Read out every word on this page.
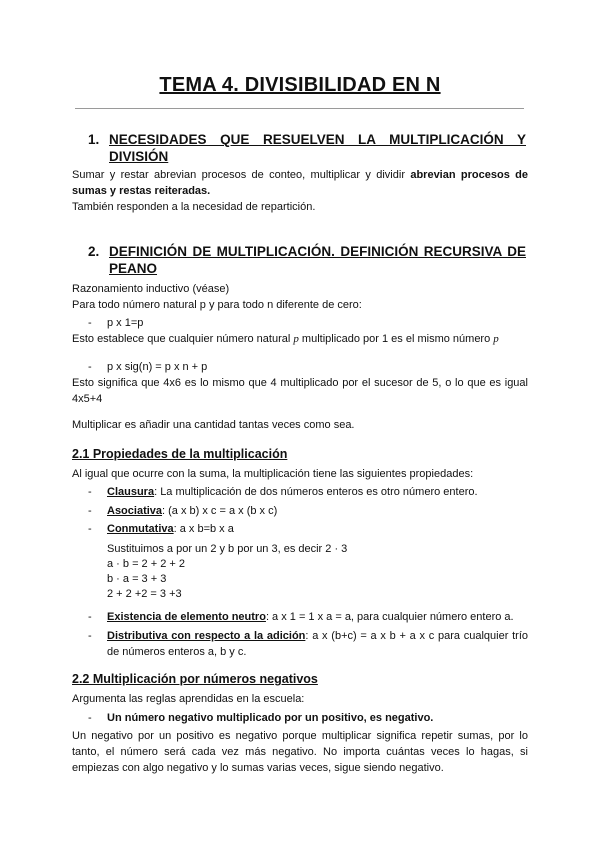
TEMA 4. DIVISIBILIDAD EN N
1. NECESIDADES QUE RESUELVEN LA MULTIPLICACIÓN Y DIVISIÓN
Sumar y restar abrevian procesos de conteo, multiplicar y dividir abrevian procesos de sumas y restas reiteradas.
También responden a la necesidad de repartición.
2. DEFINICIÓN DE MULTIPLICACIÓN. DEFINICIÓN RECURSIVA DE PEANO
Razonamiento inductivo (véase)
Para todo número natural p y para todo n diferente de cero:
- p x 1=p
Esto establece que cualquier número natural p multiplicado por 1 es el mismo número p
- p x sig(n) = p x n + p
Esto significa que 4x6 es lo mismo que 4 multiplicado por el sucesor de 5, o lo que es igual 4x5+4
Multiplicar es añadir una cantidad tantas veces como sea.
2.1 Propiedades de la multiplicación
Al igual que ocurre con la suma, la multiplicación tiene las siguientes propiedades:
- Clausura: La multiplicación de dos números enteros es otro número entero.
- Asociativa: (a x b) x c = a x (b x c)
- Conmutativa: a x b=b x a
Sustituimos a por un 2 y b por un 3, es decir 2 · 3
a · b = 2 + 2 + 2
b · a = 3 + 3
2 + 2 +2 = 3 +3
- Existencia de elemento neutro: a x 1 = 1 x a = a, para cualquier número entero a.
- Distributiva con respecto a la adición: a x (b+c) = a x b + a x c para cualquier trío de números enteros a, b y c.
2.2 Multiplicación por números negativos
Argumenta las reglas aprendidas en la escuela:
- Un número negativo multiplicado por un positivo, es negativo.
Un negativo por un positivo es negativo porque multiplicar significa repetir sumas, por lo tanto, el número será cada vez más negativo. No importa cuántas veces lo hagas, si empiezas con algo negativo y lo sumas varias veces, sigue siendo negativo.
